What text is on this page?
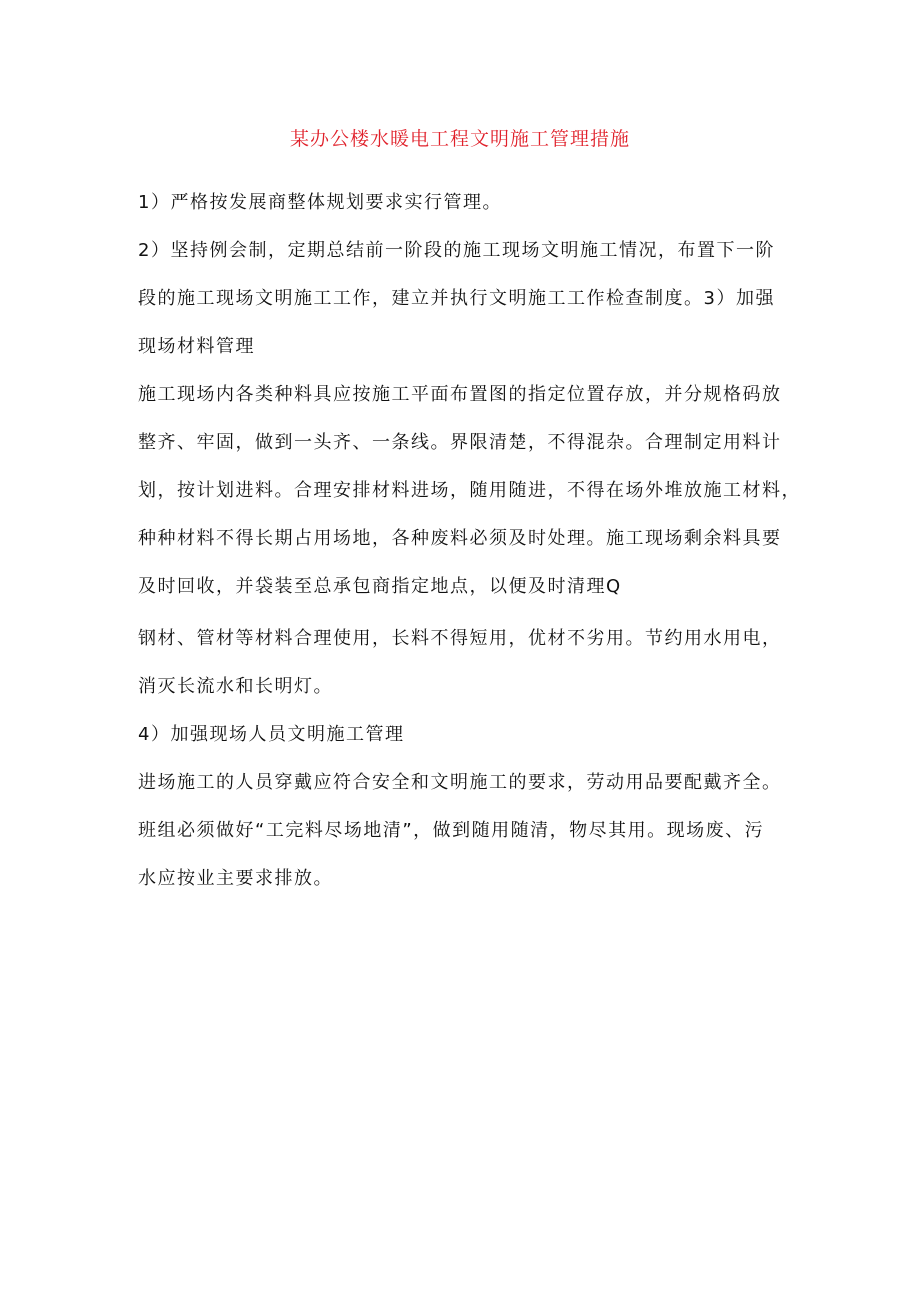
某办公楼水暖电工程文明施工管理措施

1）严格按发展商整体规划要求实行管理。

2）坚持例会制，定期总结前一阶段的施工现场文明施工情况，布置下一阶

段的施工现场文明施工工作，建立并执行文明施工工作检查制度。3）加强

现场材料管理

施工现场内各类种料具应按施工平面布置图的指定位置存放，并分规格码放

整齐、牢固，做到一头齐、一条线。界限清楚，不得混杂。合理制定用料计

划，按计划进料。合理安排材料进场，随用随进，不得在场外堆放施工材料，

种种材料不得长期占用场地，各种废料必须及时处理。施工现场剩余料具要

及时回收，并袋装至总承包商指定地点，以便及时清理Q

钢材、管材等材料合理使用，长料不得短用，优材不劣用。节约用水用电，

消灭长流水和长明灯。

4）加强现场人员文明施工管理

进场施工的人员穿戴应符合安全和文明施工的要求，劳动用品要配戴齐全。

班组必须做好“工完料尽场地清”，做到随用随清，物尽其用。现场废、污

水应按业主要求排放。
